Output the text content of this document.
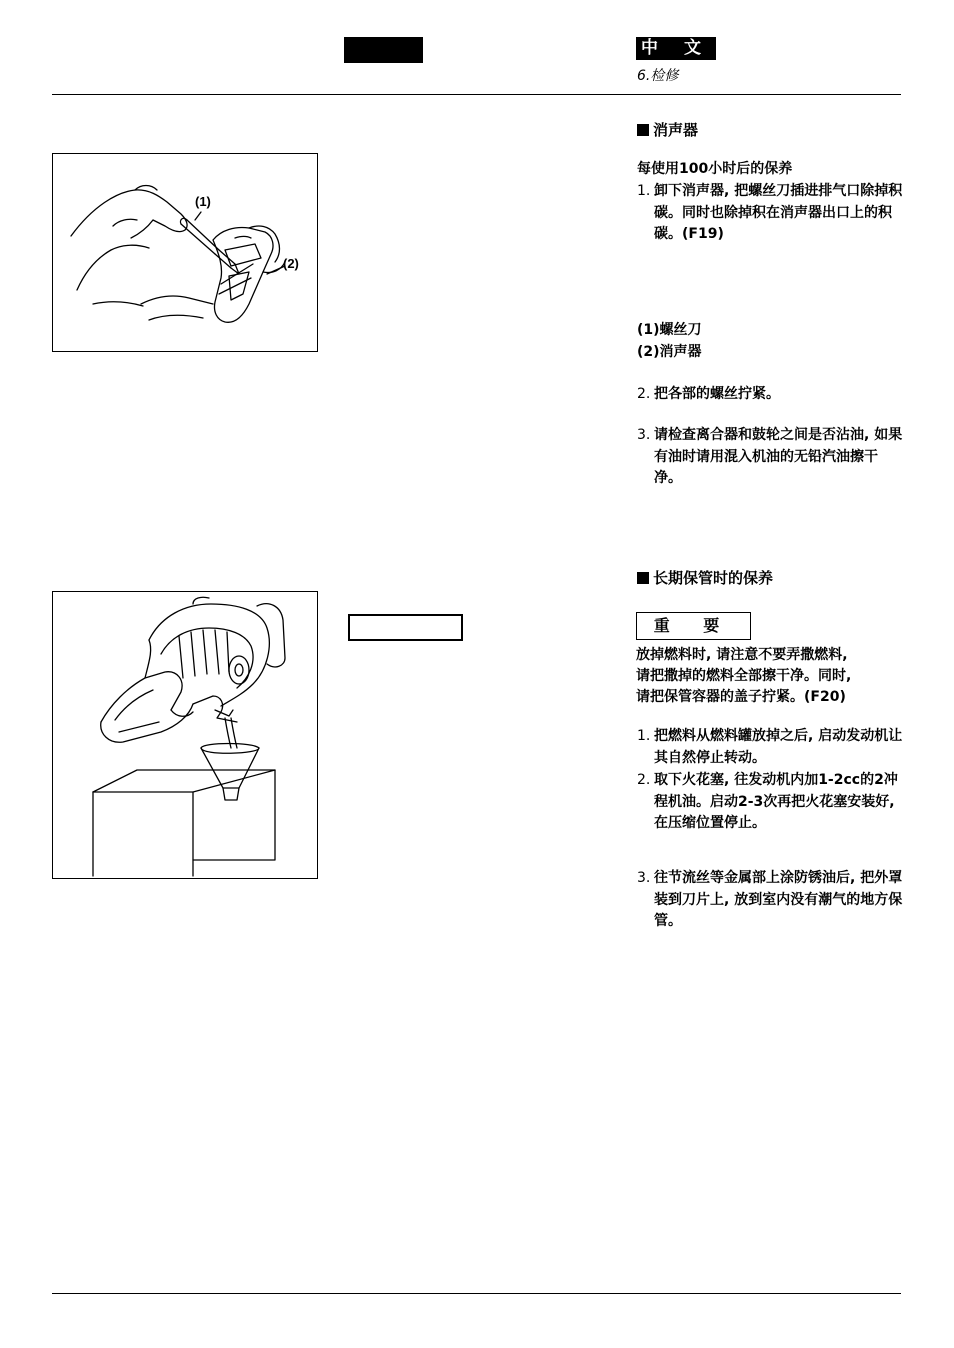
中 文
6.检修
(1)
(2)
消声器
每使用100小时后的保养
1. 卸下消声器, 把螺丝刀插进排气口除掉积碳。同时也除掉积在消声器出口上的积碳。(F19)
(1)螺丝刀
(2)消声器
2. 把各部的螺丝拧紧。
3. 请检查离合器和鼓轮之间是否沾油, 如果有油时请用混入机油的无铅汽油擦干净。
长期保管时的保养
重 要
放掉燃料时, 请注意不要弄撒燃料,
请把撒掉的燃料全部擦干净。同时,
请把保管容器的盖子拧紧。(F20)
1. 把燃料从燃料罐放掉之后, 启动发动机让其自然停止转动。
2. 取下火花塞, 往发动机内加1-2cc的2冲程机油。启动2-3次再把火花塞安装好, 在压缩位置停止。
3. 往节流丝等金属部上涂防锈油后, 把外罩装到刀片上, 放到室内没有潮气的地方保管。
